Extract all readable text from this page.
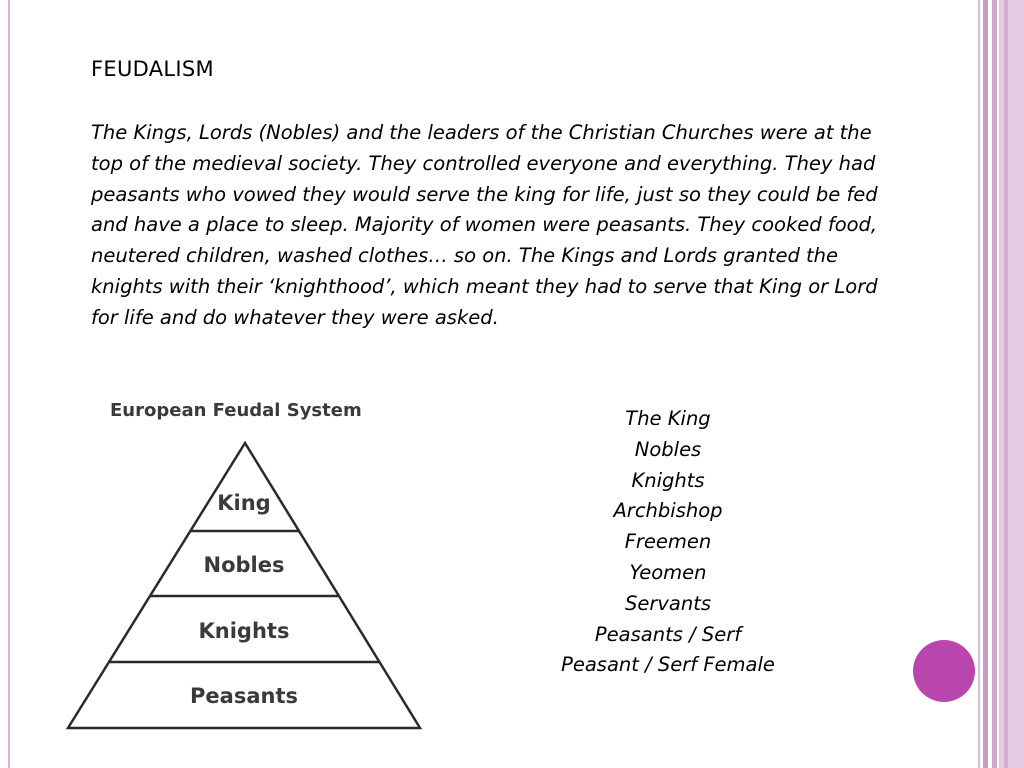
FEUDALISM
The Kings, Lords (Nobles) and the leaders of the Christian Churches were at the top of the medieval society. They controlled everyone and everything. They had peasants who vowed they would serve the king for life, just so they could be fed and have a place to sleep. Majority of women were peasants. They cooked food, neutered children, washed clothes… so on. The Kings and Lords granted the knights with their ‘knighthood’, which meant they had to serve that King or Lord for life and do whatever they were asked.
European Feudal System
King
Nobles
Knights
Peasants
The King
Nobles
Knights
Archbishop
Freemen
Yeomen
Servants
Peasants / Serf
Peasant / Serf Female
